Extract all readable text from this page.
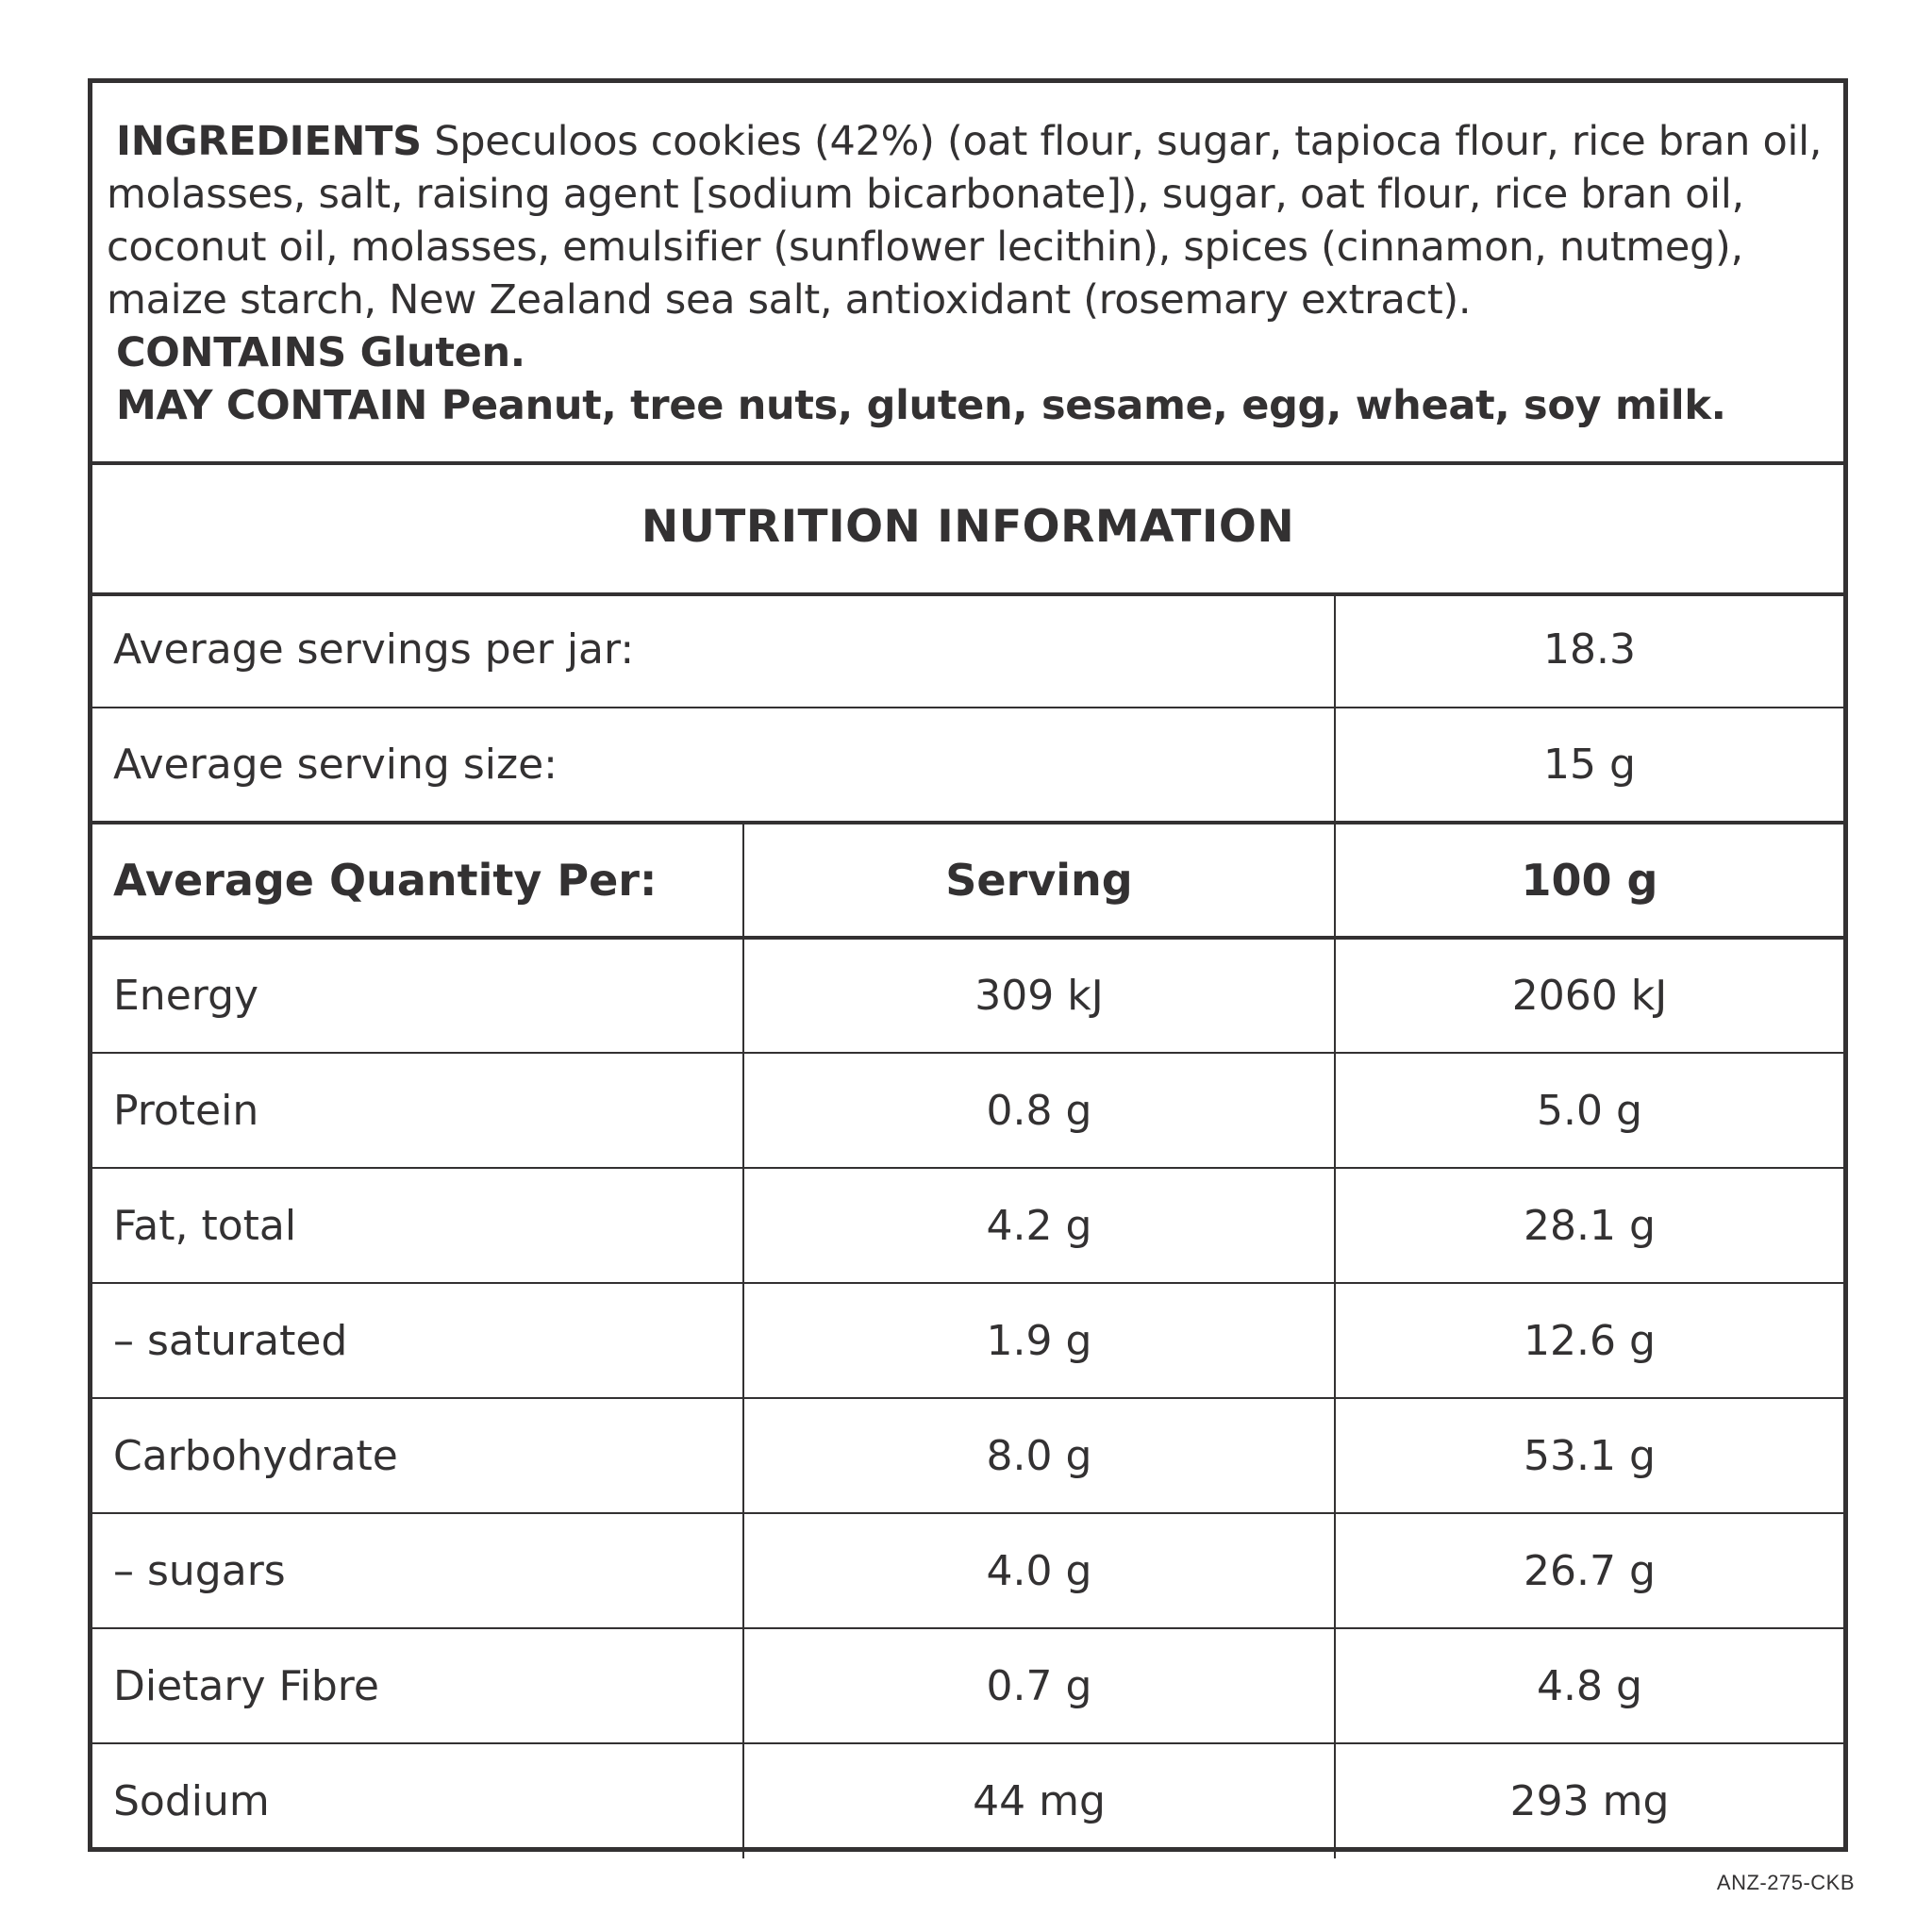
INGREDIENTS Speculoos cookies (42%) (oat flour, sugar, tapioca flour, rice bran oil, molasses, salt, raising agent [sodium bicarbonate]), sugar, oat flour, rice bran oil, coconut oil, molasses, emulsifier (sunflower lecithin), spices (cinnamon, nutmeg), maize starch, New Zealand sea salt, antioxidant (rosemary extract).

CONTAINS Gluten.

MAY CONTAIN Peanut, tree nuts, gluten, sesame, egg, wheat, soy milk.

NUTRITION INFORMATION
Average servings per jar:		18.3
Average serving size:		15 g
Average Quantity Per:	Serving	100 g
Energy	309 kJ	2060 kJ
Protein	0.8 g	5.0 g
Fat, total	4.2 g	28.1 g
– saturated	1.9 g	12.6 g
Carbohydrate	8.0 g	53.1 g
– sugars	4.0 g	26.7 g
Dietary Fibre	0.7 g	4.8 g
Sodium	44 mg	293 mg
ANZ-275-CKB
